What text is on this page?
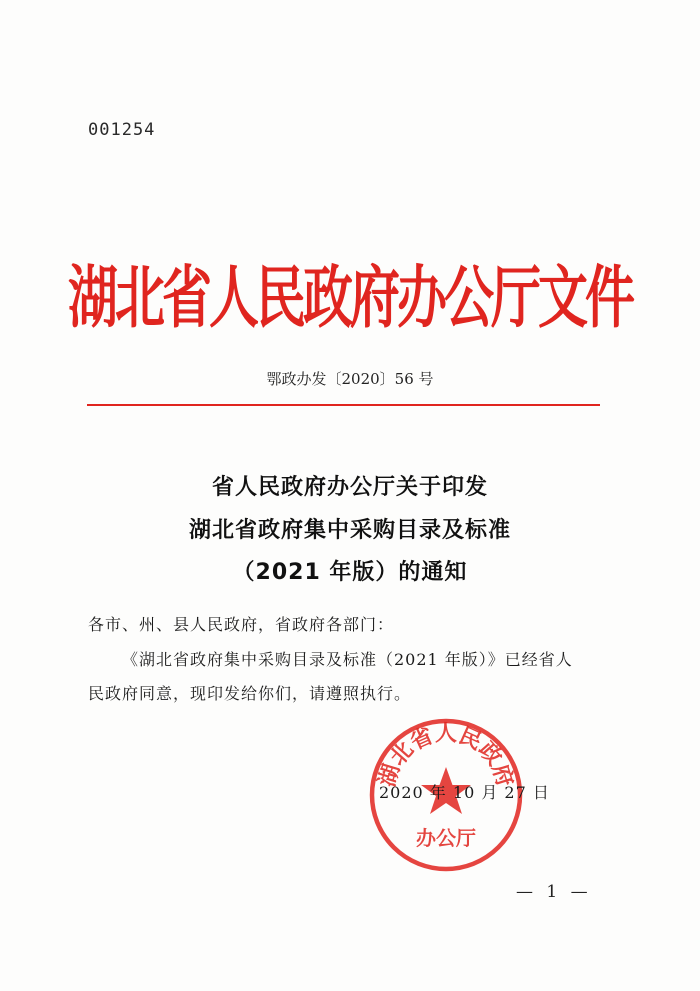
001254
湖北省人民政府办公厅文件
鄂政办发〔2020〕56 号
省人民政府办公厅关于印发
湖北省政府集中采购目录及标准
（2021 年版）的通知
各市、州、县人民政府，省政府各部门：
《湖北省政府集中采购目录及标准（2021 年版）》已经省人
民政府同意，现印发给你们，请遵照执行。
湖北省人民政府
办公厅
2020 年 10 月 27 日
— 1 —
